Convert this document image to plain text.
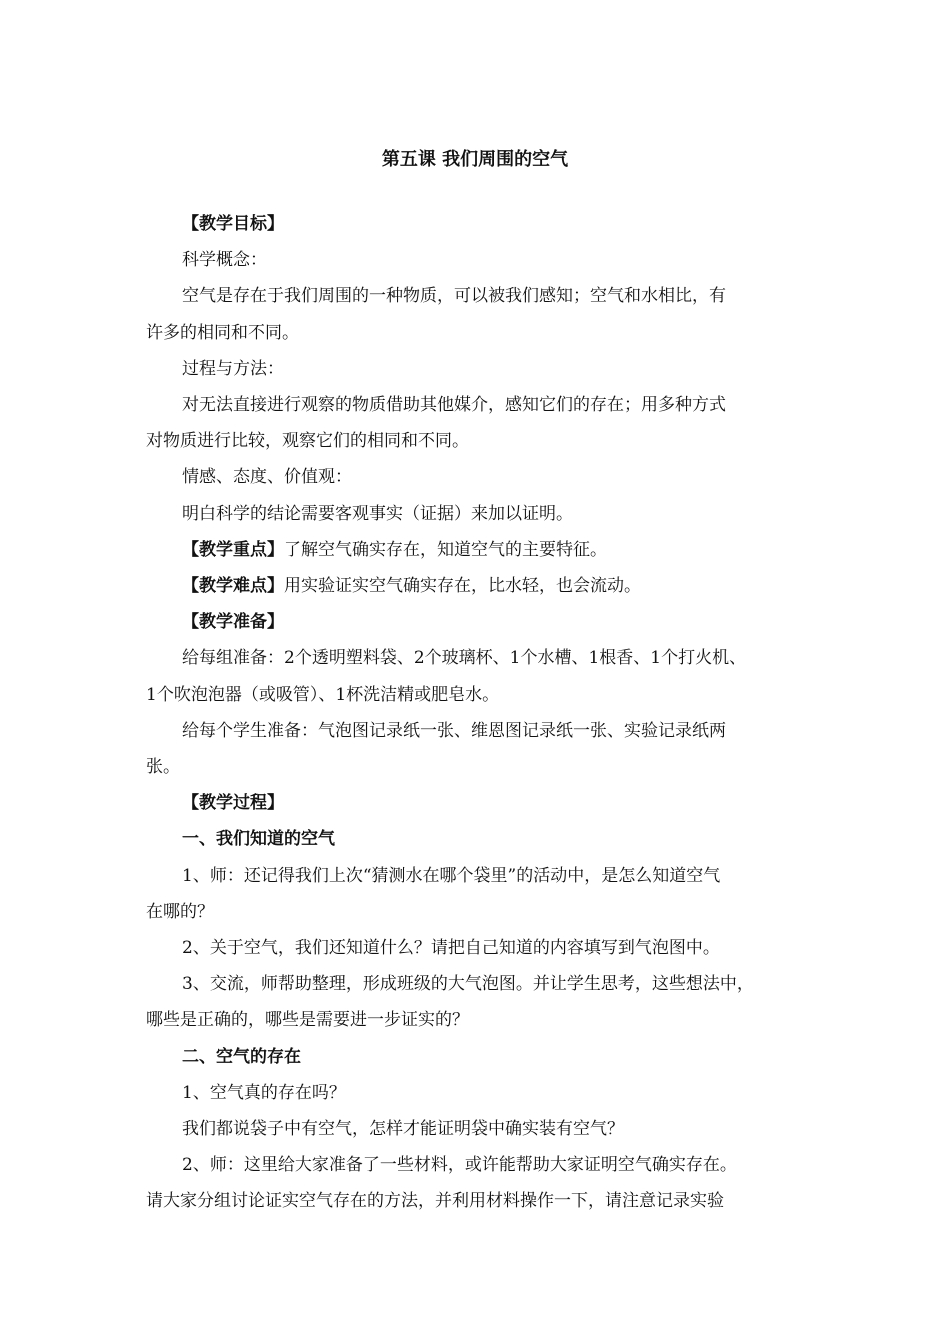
第五课 我们周围的空气

【教学目标】

科学概念：

空气是存在于我们周围的一种物质，可以被我们感知；空气和水相比，有

许多的相同和不同。

过程与方法：

对无法直接进行观察的物质借助其他媒介，感知它们的存在；用多种方式

对物质进行比较，观察它们的相同和不同。

情感、态度、价值观：

明白科学的结论需要客观事实（证据）来加以证明。

【教学重点】了解空气确实存在，知道空气的主要特征。

【教学难点】用实验证实空气确实存在，比水轻，也会流动。

【教学准备】

给每组准备：2个透明塑料袋、2个玻璃杯、1个水槽、1根香、1个打火机、

1个吹泡泡器（或吸管）、1杯洗洁精或肥皂水。

给每个学生准备：气泡图记录纸一张、维恩图记录纸一张、实验记录纸两

张。

【教学过程】

一、我们知道的空气

1、师：还记得我们上次“猜测水在哪个袋里”的活动中，是怎么知道空气

在哪的？

2、关于空气，我们还知道什么？请把自己知道的内容填写到气泡图中。

3、交流，师帮助整理，形成班级的大气泡图。并让学生思考，这些想法中，

哪些是正确的，哪些是需要进一步证实的？

二、空气的存在

1、空气真的存在吗？

我们都说袋子中有空气，怎样才能证明袋中确实装有空气？

2、师：这里给大家准备了一些材料，或许能帮助大家证明空气确实存在。

请大家分组讨论证实空气存在的方法，并利用材料操作一下，请注意记录实验
